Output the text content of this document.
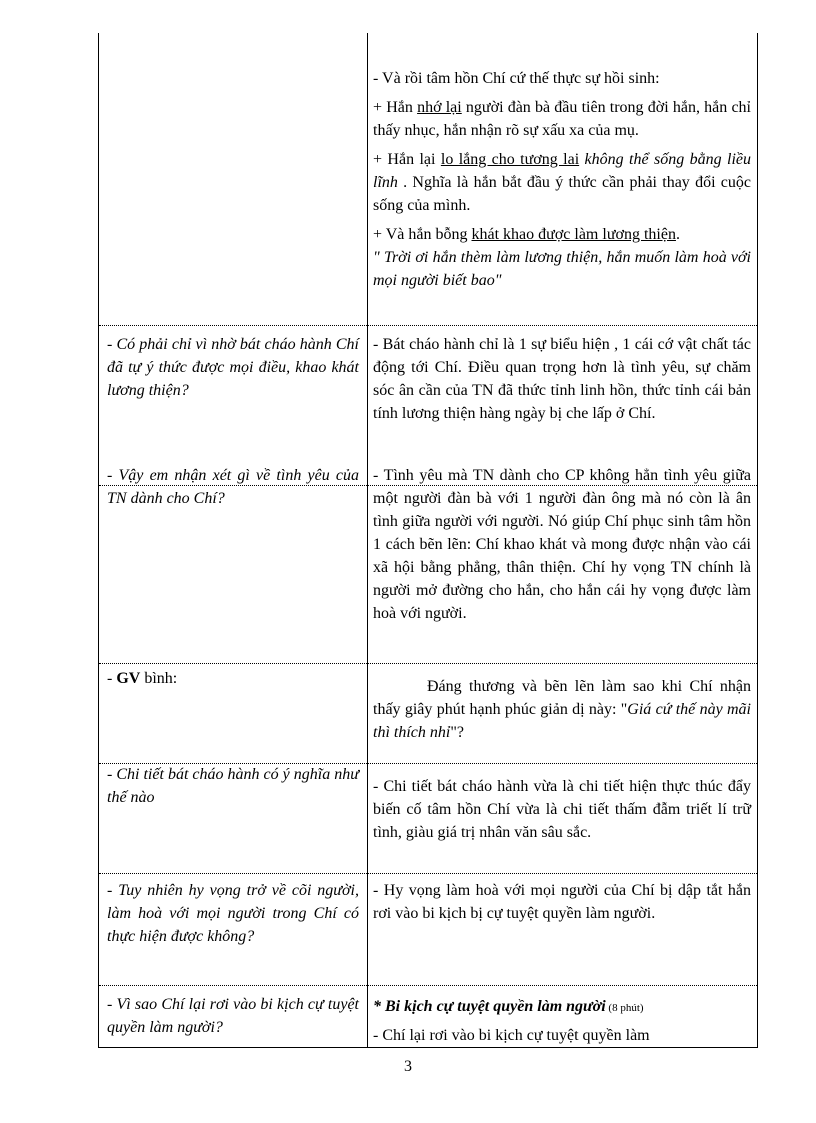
- Và rồi tâm hồn Chí cứ thế thực sự hồi sinh:

+ Hắn nhớ lại người đàn bà đầu tiên trong đời hắn, hắn chỉ thấy nhục, hắn nhận rõ sự xấu xa của mụ.

+ Hắn lại lo lắng cho tương lai không thể sống bằng liều lĩnh . Nghĩa là hắn bắt đầu ý thức cần phải thay đổi cuộc sống của mình.

+ Và hắn bỗng khát khao được làm lương thiện.

" Trời ơi hắn thèm làm lương thiện, hắn muốn làm hoà với mọi người biết bao"

- Có phải chỉ vì nhờ bát cháo hành Chí đã tự ý thức được mọi điều, khao khát lương thiện?
- Bát cháo hành chỉ là 1 sự biểu hiện , 1 cái cớ vật chất tác động tới Chí. Điều quan trọng hơn là tình yêu, sự chăm sóc ân cần của TN đã thức tỉnh linh hồn, thức tỉnh cái bản tính lương thiện hàng ngày bị che lấp ở Chí.
- Vậy em nhận xét gì về tình yêu của TN dành cho Chí?
- Tình yêu mà TN dành cho CP không hẳn tình yêu giữa một người đàn bà với 1 người đàn ông mà nó còn là ân tình giữa người với người. Nó giúp Chí phục sinh tâm hồn 1 cách bẽn lẽn: Chí khao khát và mong được nhận vào cái xã hội bằng phẳng, thân thiện. Chí hy vọng TN chính là người mở đường cho hắn, cho hắn cái hy vọng được làm hoà với người.
- GV bình:	Đáng thương và bẽn lẽn làm sao khi Chí nhận thấy giây phút hạnh phúc giản dị này: "Giá cứ thế này mãi thì thích nhỉ"?
- Chi tiết bát cháo hành có ý nghĩa như thế nào
- Chi tiết bát cháo hành vừa là chi tiết hiện thực thúc đẩy biến cố tâm hồn Chí vừa là chi tiết thấm đẫm triết lí trữ tình, giàu giá trị nhân văn sâu sắc.
- Tuy nhiên hy vọng trở về cõi người, làm hoà với mọi người trong Chí có thực hiện được không?
- Hy vọng làm hoà với mọi người của Chí bị dập tắt hắn rơi vào bi kịch bị cự tuyệt quyền làm người.
- Vì sao Chí lại rơi vào bi kịch cự tuyệt quyền làm người?

* Bi kịch cự tuyệt quyền làm người (8 phút)

- Chí lại rơi vào bi kịch cự tuyệt quyền làm

3
